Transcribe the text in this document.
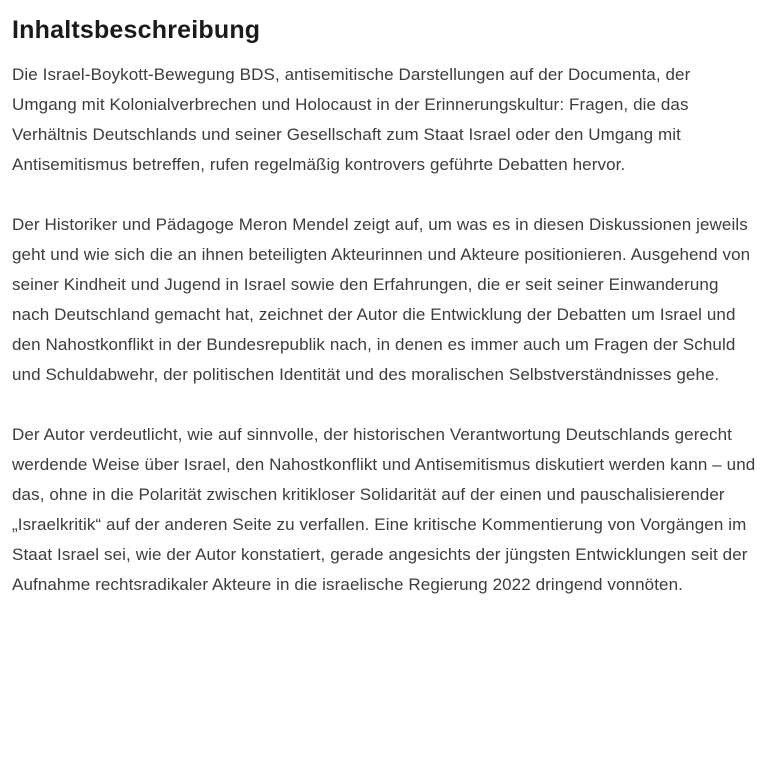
Inhaltsbeschreibung

Die Israel-Boykott-Bewegung BDS, antisemitische Darstellungen auf der Documenta, der Umgang mit Kolonialverbrechen und Holocaust in der Erinnerungskultur: Fragen, die das Verhältnis Deutschlands und seiner Gesellschaft zum Staat Israel oder den Umgang mit Antisemitismus betreffen, rufen regelmäßig kontrovers geführte Debatten hervor.

Der Historiker und Pädagoge Meron Mendel zeigt auf, um was es in diesen Diskussionen jeweils geht und wie sich die an ihnen beteiligten Akteurinnen und Akteure positionieren. Ausgehend von seiner Kindheit und Jugend in Israel sowie den Erfahrungen, die er seit seiner Einwanderung nach Deutschland gemacht hat, zeichnet der Autor die Entwicklung der Debatten um Israel und den Nahostkonflikt in der Bundesrepublik nach, in denen es immer auch um Fragen der Schuld und Schuldabwehr, der politischen Identität und des moralischen Selbstverständnisses gehe.

Der Autor verdeutlicht, wie auf sinnvolle, der historischen Verantwortung Deutschlands gerecht werdende Weise über Israel, den Nahostkonflikt und Antisemitismus diskutiert werden kann – und das, ohne in die Polarität zwischen kritikloser Solidarität auf der einen und pauschalisierender „Israelkritik“ auf der anderen Seite zu verfallen. Eine kritische Kommentierung von Vorgängen im Staat Israel sei, wie der Autor konstatiert, gerade angesichts der jüngsten Entwicklungen seit der Aufnahme rechtsradikaler Akteure in die israelische Regierung 2022 dringend vonnöten.
